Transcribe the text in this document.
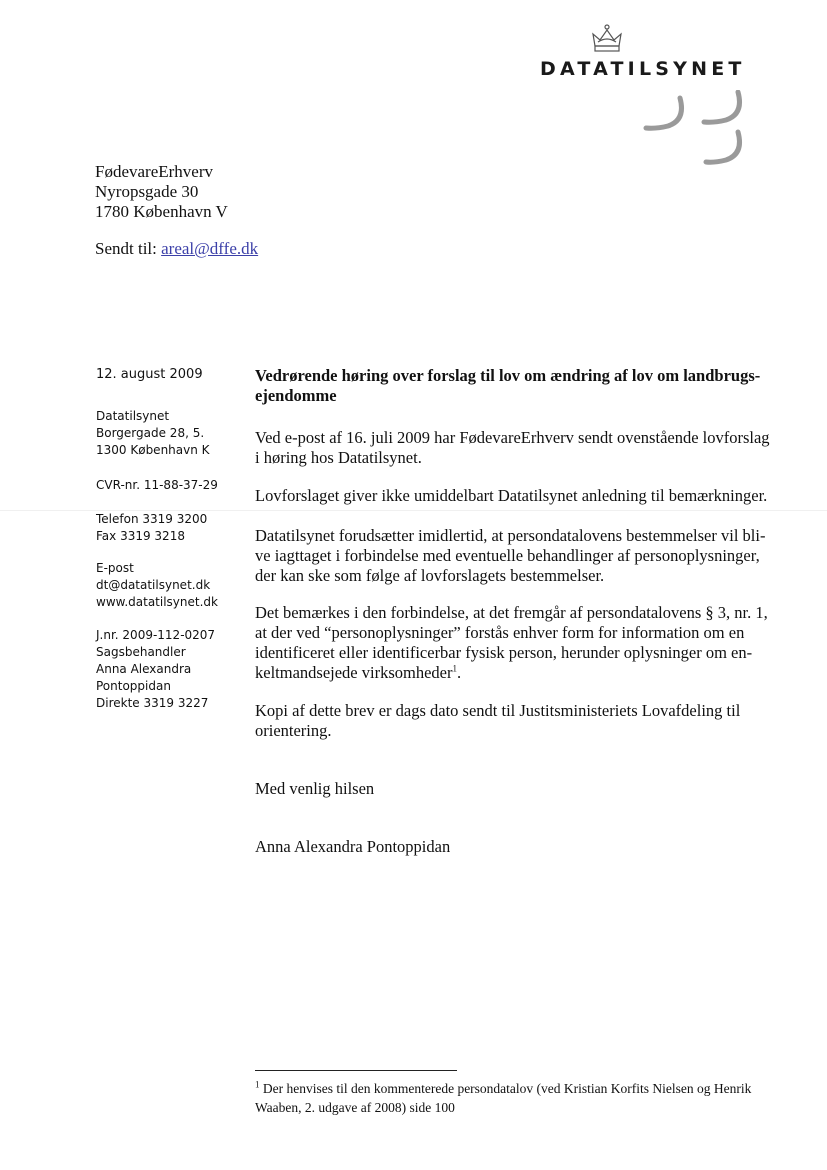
DATATILSYNET
FødevareErhverv
Nyropsgade 30
1780 København V
Sendt til: areal@dffe.dk
12. august 2009
Datatilsynet
Borgergade 28, 5.
1300 København K
CVR-nr. 11-88-37-29
Telefon 3319 3200
Fax 3319 3218
E-post
dt@datatilsynet.dk
www.datatilsynet.dk
J.nr. 2009-112-0207
Sagsbehandler
Anna Alexandra
Pontoppidan
Direkte 3319 3227
Vedrørende høring over forslag til lov om ændring af lov om landbrugs-
ejendomme
Ved e-post af 16. juli 2009 har FødevareErhverv sendt ovenstående lovforslag
i høring hos Datatilsynet.
Lovforslaget giver ikke umiddelbart Datatilsynet anledning til bemærkninger.
Datatilsynet forudsætter imidlertid, at persondatalovens bestemmelser vil bli-
ve iagttaget i forbindelse med eventuelle behandlinger af personoplysninger,
der kan ske som følge af lovforslagets bestemmelser.
Det bemærkes i den forbindelse, at det fremgår af persondatalovens § 3, nr. 1,
at der ved “personoplysninger” forstås enhver form for information om en
identificeret eller identificerbar fysisk person, herunder oplysninger om en-
keltmandsejede virksomheder$^1$.
Kopi af dette brev er dags dato sendt til Justitsministeriets Lovafdeling til
orientering.
Med venlig hilsen
Anna Alexandra Pontoppidan
$^1$ Der henvises til den kommenterede persondatalov (ved Kristian Korfits Nielsen og Henrik
Waaben, 2. udgave af 2008) side 100
